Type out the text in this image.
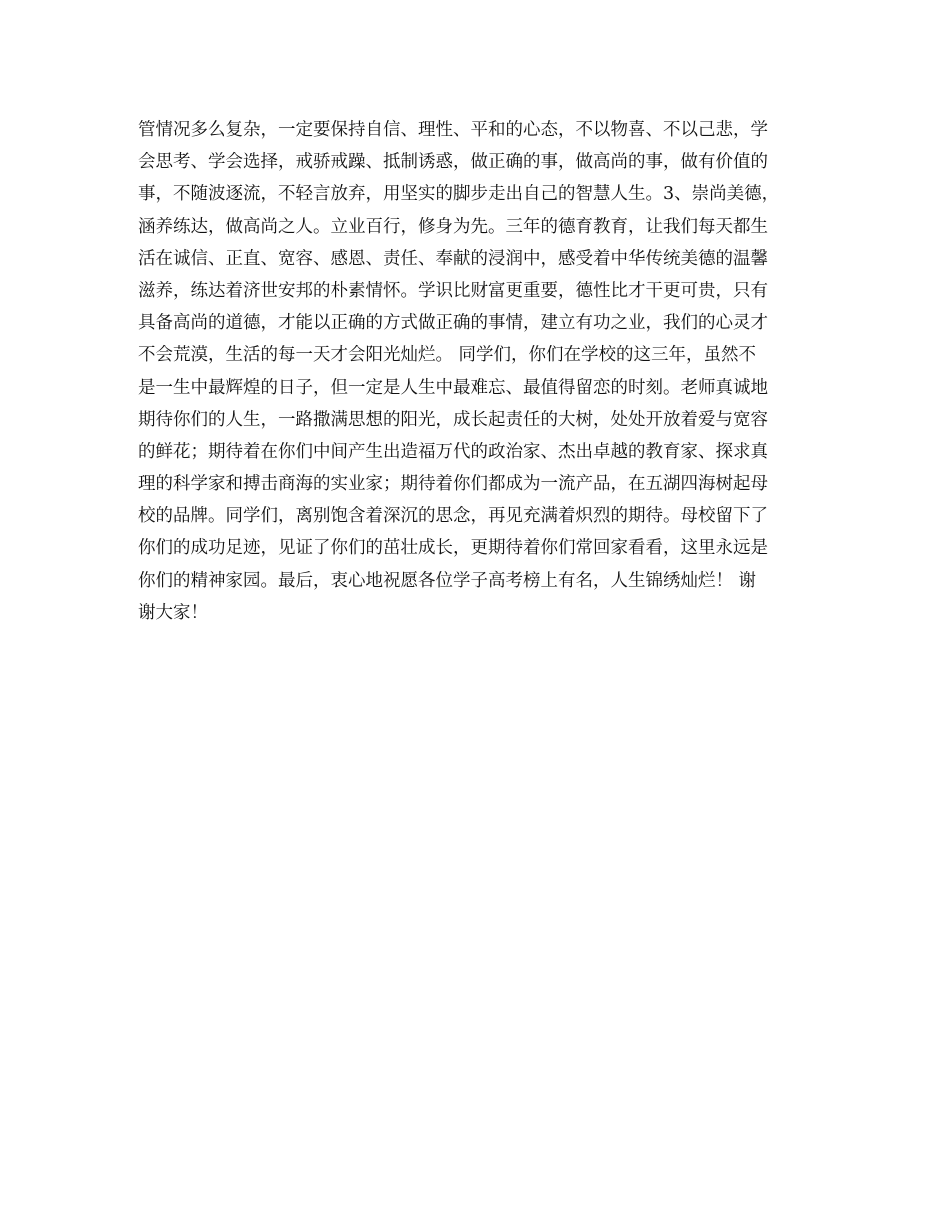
管情况多么复杂，一定要保持自信、理性、平和的心态，不以物喜、不以己悲，学
会思考、学会选择，戒骄戒躁、抵制诱惑，做正确的事，做高尚的事，做有价值的
事，不随波逐流，不轻言放弃，用坚实的脚步走出自己的智慧人生。3、崇尚美德，
涵养练达，做高尚之人。立业百行，修身为先。三年的德育教育，让我们每天都生
活在诚信、正直、宽容、感恩、责任、奉献的浸润中，感受着中华传统美德的温馨
滋养，练达着济世安邦的朴素情怀。学识比财富更重要，德性比才干更可贵，只有
具备高尚的道德，才能以正确的方式做正确的事情，建立有功之业，我们的心灵才
不会荒漠，生活的每一天才会阳光灿烂。 同学们，你们在学校的这三年，虽然不
是一生中最辉煌的日子，但一定是人生中最难忘、最值得留恋的时刻。老师真诚地
期待你们的人生，一路撒满思想的阳光，成长起责任的大树，处处开放着爱与宽容
的鲜花；期待着在你们中间产生出造福万代的政治家、杰出卓越的教育家、探求真
理的科学家和搏击商海的实业家；期待着你们都成为一流产品，在五湖四海树起母
校的品牌。同学们，离别饱含着深沉的思念，再见充满着炽烈的期待。母校留下了
你们的成功足迹，见证了你们的茁壮成长，更期待着你们常回家看看，这里永远是
你们的精神家园。最后，衷心地祝愿各位学子高考榜上有名，人生锦绣灿烂！ 谢
谢大家！
